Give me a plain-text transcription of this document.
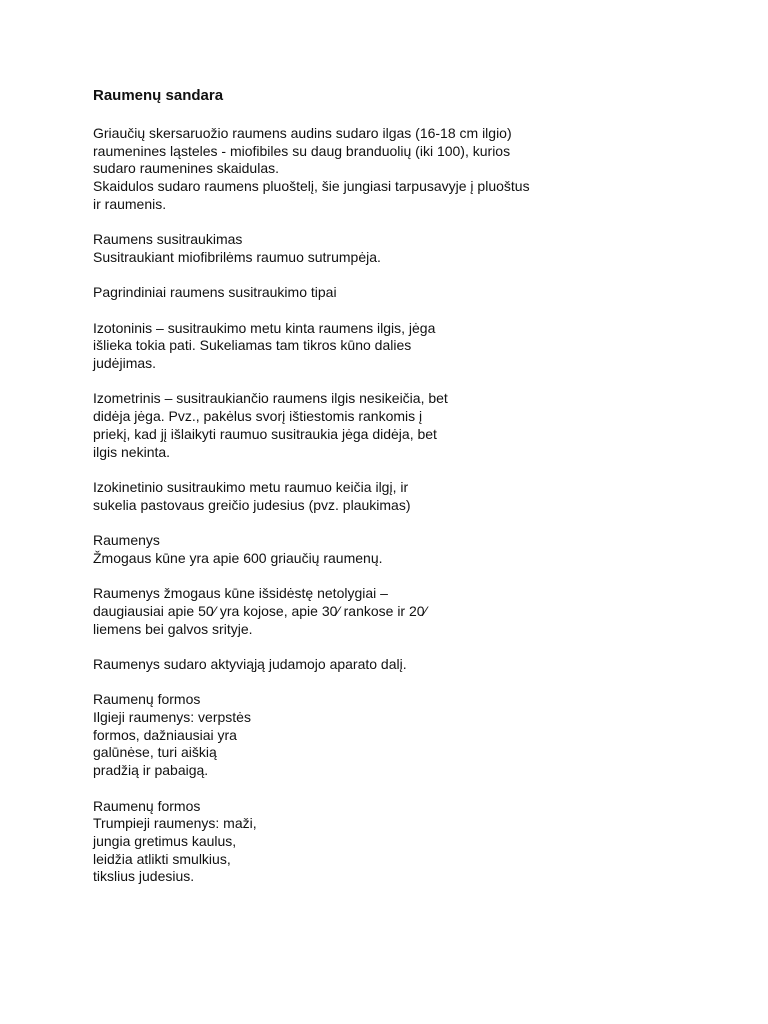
Raumenų sandara
Griaučių skersaruožio raumens audins sudaro ilgas (16-18 cm ilgio)
raumenines ląsteles - miofibiles su daug branduolių (iki 100), kurios
sudaro raumenines skaidulas.
Skaidulos sudaro raumens pluoštelį, šie jungiasi tarpusavyje į pluoštus
ir raumenis.
Raumens susitraukimas
Susitraukiant miofibrilėms raumuo sutrumpėja.
Pagrindiniai raumens susitraukimo tipai
Izotoninis – susitraukimo metu kinta raumens ilgis, jėga
išlieka tokia pati. Sukeliamas tam tikros kūno dalies
judėjimas.
Izometrinis – susitraukiančio raumens ilgis nesikeičia, bet
didėja jėga. Pvz., pakėlus svorį ištiestomis rankomis į
priekį, kad jį išlaikyti raumuo susitraukia jėga didėja, bet
ilgis nekinta.
Izokinetinio susitraukimo metu raumuo keičia ilgį, ir
sukelia pastovaus greičio judesius (pvz. plaukimas)
Raumenys
Žmogaus kūne yra apie 600 griaučių raumenų.
Raumenys žmogaus kūne išsidėstę netolygiai –
daugiausiai apie 50⁄ yra kojose, apie 30⁄ rankose ir 20⁄
liemens bei galvos srityje.
Raumenys sudaro aktyviąją judamojo aparato dalį.
Raumenų formos
Ilgieji raumenys: verpstės
formos, dažniausiai yra
galūnėse, turi aiškią
pradžią ir pabaigą.
Raumenų formos
Trumpieji raumenys: maži,
jungia gretimus kaulus,
leidžia atlikti smulkius,
tikslius judesius.
